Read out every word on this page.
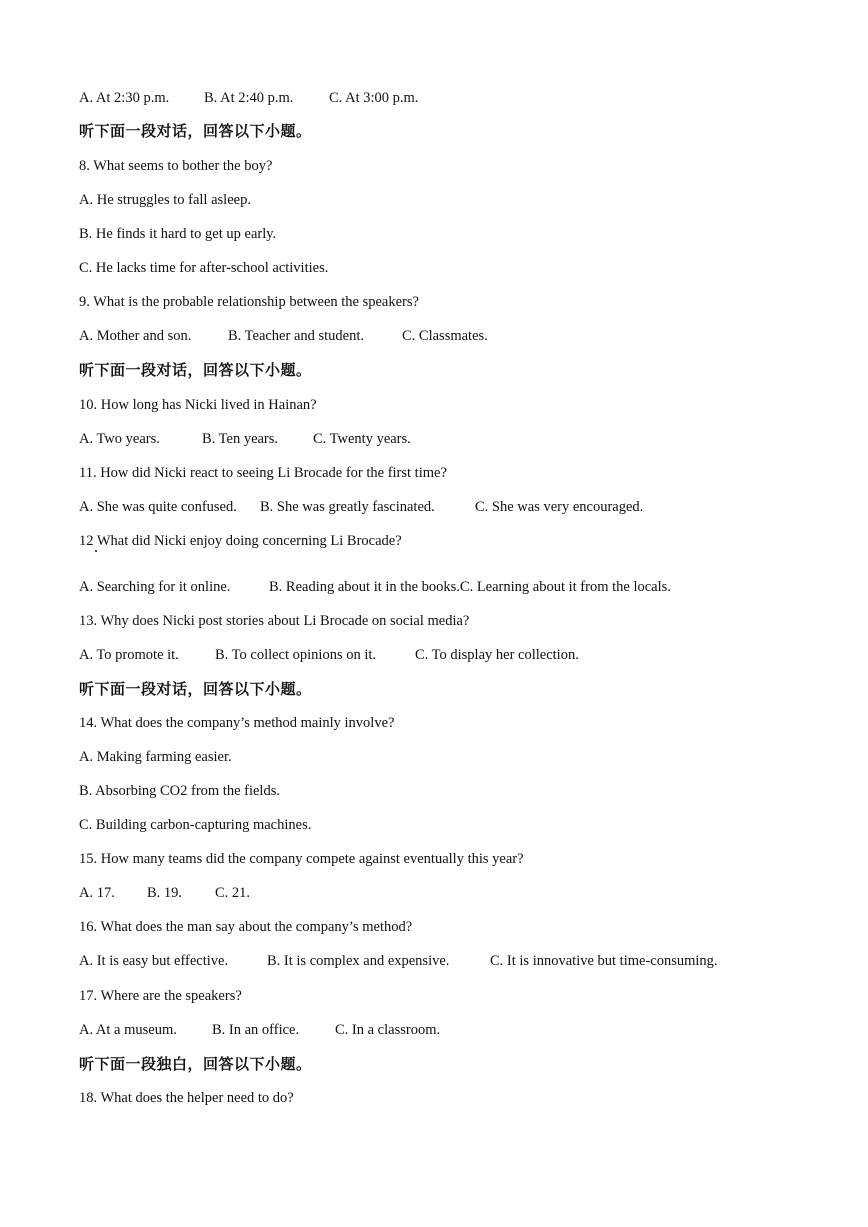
A. At 2:30 p.m. B. At 2:40 p.m. C. At 3:00 p.m.
听下面一段对话，回答以下小题。
8. What seems to bother the boy?
A. He struggles to fall asleep.
B. He finds it hard to get up early.
C. He lacks time for after-school activities.
9. What is the probable relationship between the speakers?
A. Mother and son.	B. Teacher and student.	C. Classmates.
听下面一段对话，回答以下小题。
10. How long has Nicki lived in Hainan?
A. Two years.	B. Ten years. C. Twenty years.
11. How did Nicki react to seeing Li Brocade for the first time?
A. She was quite confused. B. She was greatly fascinated.	C. She was very encouraged.
12 What did Nicki enjoy doing concerning Li Brocade?
A. Searching for it online.	B. Reading about it in the books.C. Learning about it from the locals.
13. Why does Nicki post stories about Li Brocade on social media?
A. To promote it. B. To collect opinions on it.	C. To display her collection.
听下面一段对话，回答以下小题。
14. What does the company’s method mainly involve?
A. Making farming easier.
B. Absorbing CO2 from the fields.
C. Building carbon-capturing machines.
15. How many teams did the company compete against eventually this year?
A. 17. B. 19. C. 21.
16. What does the man say about the company’s method?
A. It is easy but effective.	B. It is complex and expensive.	C. It is innovative but time-consuming.
17. Where are the speakers?
A. At a museum. B. In an office. C. In a classroom.
听下面一段独白，回答以下小题。
18. What does the helper need to do?
